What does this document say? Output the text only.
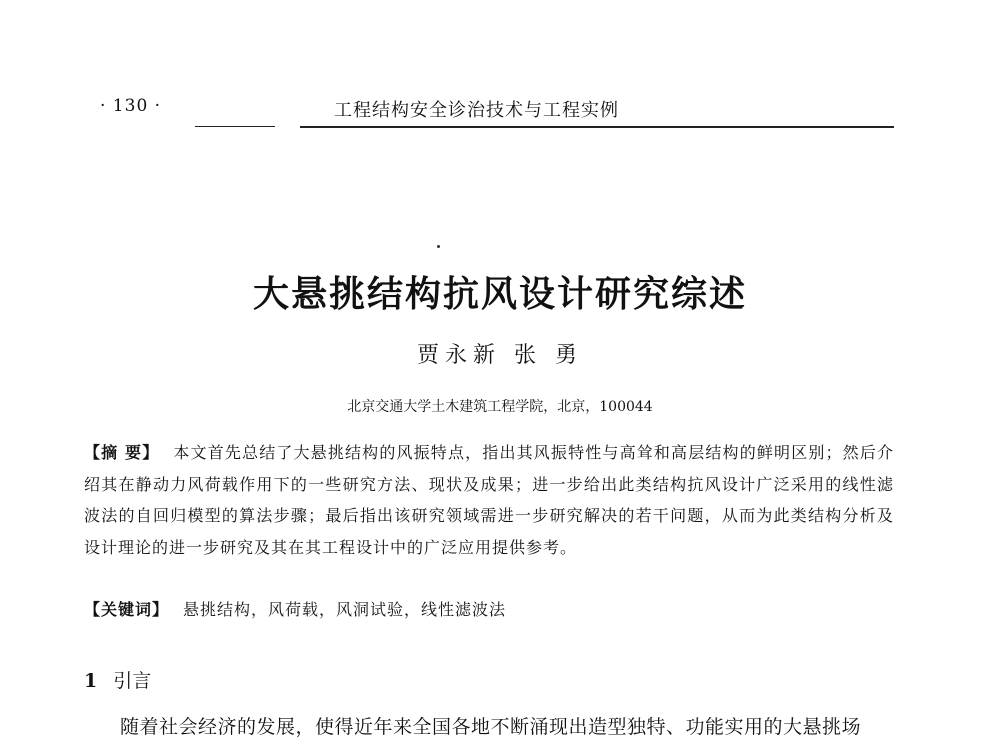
· 130 ·	工程结构安全诊治技术与工程实例
大悬挑结构抗风设计研究综述
贾永新 张 勇
北京交通大学土木建筑工程学院，北京，100044
【摘 要】 本文首先总结了大悬挑结构的风振特点，指出其风振特性与高耸和高层结构的鲜明区别；然后介绍其在静动力风荷载作用下的一些研究方法、现状及成果；进一步给出此类结构抗风设计广泛采用的线性滤波法的自回归模型的算法步骤；最后指出该研究领域需进一步研究解决的若干问题，从而为此类结构分析及设计理论的进一步研究及其在其工程设计中的广泛应用提供参考。
【关键词】 悬挑结构，风荷载，风洞试验，线性滤波法
1 引言
随着社会经济的发展，使得近年来全国各地不断涌现出造型独特、功能实用的大悬挑场
